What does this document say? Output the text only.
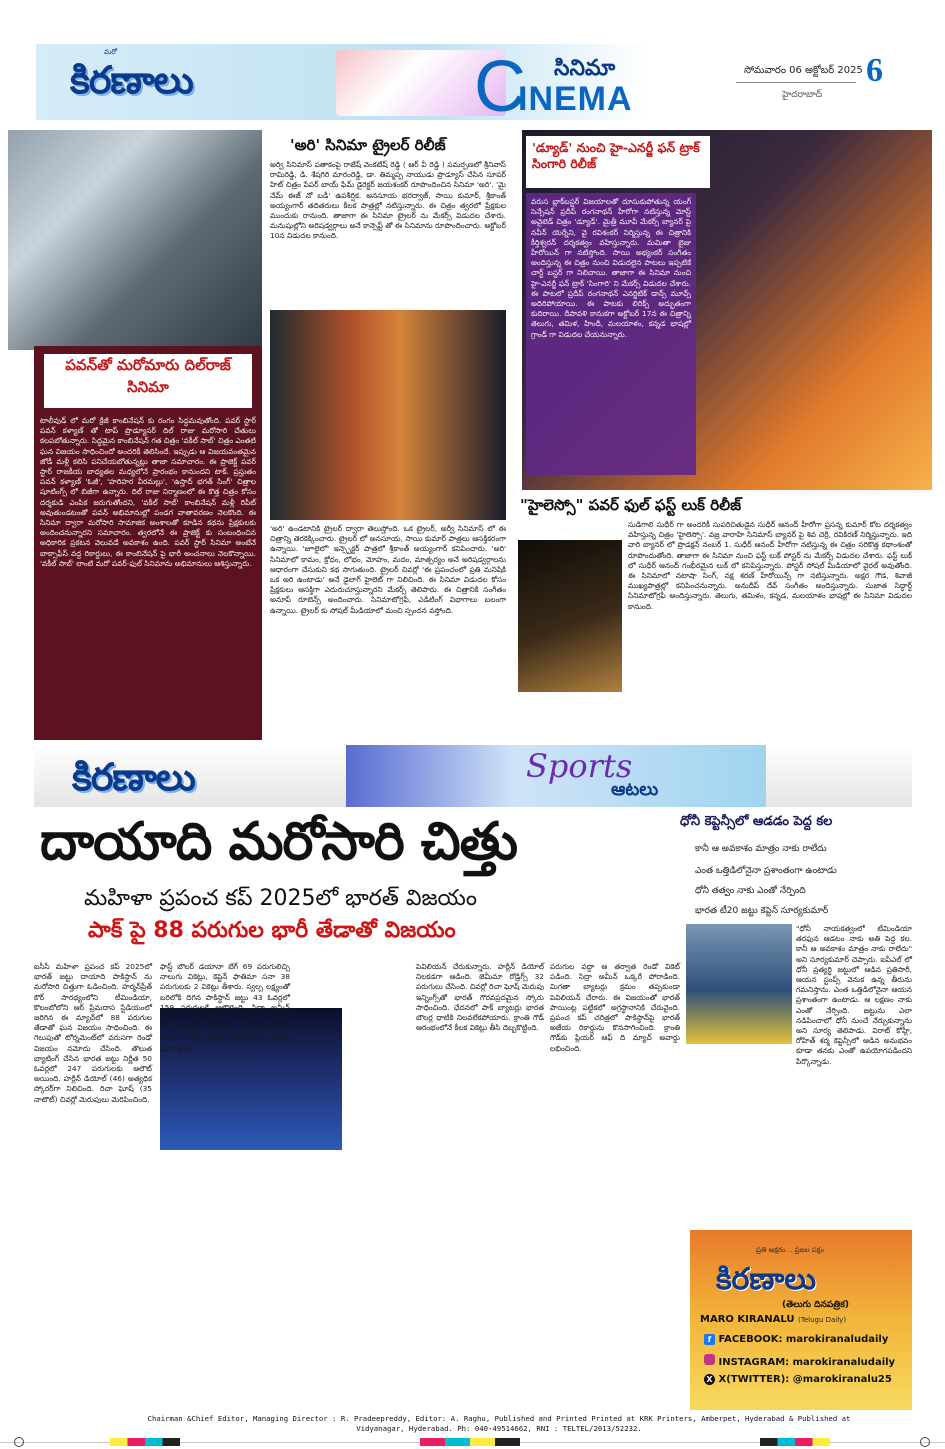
మరో
కిరణాలు	C సినిమా
INEMA
సోమవారం 06 అక్టోబర్ 2025 6
హైదరాబాద్
పవన్‌తో మరోమారు దిల్‌రాజ్ సినిమా
టాలీవుడ్ లో మరో క్రేజీ కాంబినేషన్ కు రంగం సిద్ధమవుతోంది. పవర్ స్టార్ పవన్ కళ్యాణ్ తో టాప్ ప్రొడ్యూసర్ దిల్ రాజు మరోసారి చేతులు కలపబోతున్నారు. సిద్ధమైన కాంబినేషన్ గత చిత్రం 'వకీల్ సాబ్' చిత్రం ఎంతటి ఘన విజయం సాధించిందో అందరికీ తెలిసిందే. ఇప్పుడు ఆ విజయవంతమైన జోడీ మళ్లీ కలిసి పనిచేయబోతున్నట్లు తాజా సమాచారం. ఈ ప్రాజెక్ట్ పవర్ స్టార్ రాజకీయ బాధ్యతల మధ్యలోనే ప్రారంభం కానుందని టాక్. ప్రస్తుతం పవన్ కళ్యాణ్ 'ఓజీ', 'హరిహర వీరమల్లు', 'ఉస్తాద్ భగత్ సింగ్' చిత్రాల షూటింగ్స్ లో బిజీగా ఉన్నారు. దిల్ రాజు నిర్మాణంలో ఈ కొత్త చిత్రం కోసం దర్శకుడి ఎంపిక జరుగుతోందని, 'వకీల్ సాబ్' కాంబినేషన్ మళ్లీ రిపీట్ అవుతుండటంతో పవన్ అభిమానుల్లో పండగ వాతావరణం నెలకొంది. ఈ సినిమా ద్వారా మరోసారి సామాజిక అంశాలతో కూడిన కథను ప్రేక్షకులకు అందించనున్నారని సమాచారం. త్వరలోనే ఈ ప్రాజెక్ట్ కు సంబంధించిన అధికారిక ప్రకటన వెలువడే అవకాశం ఉంది. పవర్ స్టార్ సినిమా అంటేనే బాక్సాఫీస్ వద్ద రికార్డులు, ఈ కాంబినేషన్ పై భారీ అంచనాలు నెలకొన్నాయి. 'వకీల్ సాబ్' లాంటి మరో పవర్-ఫుల్ సినిమాను అభిమానులు ఆశిస్తున్నారు.
'అరి' సినిమా ట్రైలర్ రిలీజ్
అర్వి సినిమాస్ పతాకంపై రాజేష్ వెంకటేష్ రెడ్డి ( ఆర్ వీ రెడ్డి ) సమర్పణలో శ్రీనివాస్ రామిరెడ్డి, డి. శేషగిరి మారంరెడ్డి, డా. తిమ్మప్ప నాయుడు ప్రొడ్యూస్ చేసిన సూపర్ హిట్ చిత్రం పేపర్ బాయ్ ఫేమ్ డైరెక్టర్ జయశంకర్ రూపొందించిన సినిమా 'అరి'. 'మై నేమ్ ఈజ్ నో బడీ' ఉపశీర్షిక. అనసూయ భరద్వాజ్, సాయి కుమార్, శ్రీకాంత్ అయ్యంగార్ తదితరులు కీలక పాత్రల్లో నటిస్తున్నారు. ఈ చిత్రం త్వరలో ప్రేక్షకుల ముందుకు రానుంది. తాజాగా ఈ సినిమా ట్రైలర్ ను మేకర్స్ విడుదల చేశారు. మనుషుల్లోని అరిషడ్వర్గాలు అనే కాన్సెప్ట్ తో ఈ సినిమాను రూపొందించారు. అక్టోబర్ 10న విడుదల కానుంది.
'అరి' ఉండటానికి ట్రైలర్ ద్వారా తెలుస్తోంది. ఒక ట్రైలర్, అర్వీ సినిమాస్ లో ఈ చిత్రాన్ని తెరకెక్కించారు. ట్రైలర్ లో అనసూయ, సాయి కుమార్ పాత్రలు ఆసక్తికరంగా ఉన్నాయి. 'జూలైలో' ఇన్స్పెక్టర్ పాత్రలో శ్రీకాంత్ అయ్యంగార్ కనిపించారు. 'అరి' సినిమాలో కామం, క్రోధం, లోభం, మోహం, మదం, మాత్సర్యం అనే అరిషడ్వర్గాలను ఆధారంగా చేసుకుని కథ సాగుతుంది. ట్రైలర్ చివర్లో 'ఈ ప్రపంచంలో ప్రతి మనిషికి ఒక అరి ఉంటాడు' అనే డైలాగ్ హైలెట్ గా నిలిచింది. ఈ సినిమా విడుదల కోసం ప్రేక్షకులు ఆసక్తిగా ఎదురుచూస్తున్నారని మేకర్స్ తెలిపారు. ఈ చిత్రానికి సంగీతం అనూప్ రూబెన్స్ అందించారు. సినిమాటోగ్రఫీ, ఎడిటింగ్ విభాగాలు బలంగా ఉన్నాయి. ట్రైలర్ కు సోషల్ మీడియాలో మంచి స్పందన వస్తోంది.
'డ్యూడ్' నుంచి హై-ఎనర్జీ ఫన్ ట్రాక్ సింగారి రిలీజ్
వరుస బ్లాక్‌బస్టర్ విజయాలతో దూసుకుపోతున్న యంగ్ సెన్సేషన్ ప్రదీప్ రంగనాథన్ హీరోగా నటిస్తున్న మోస్ట్ అవైటెడ్ చిత్రం 'డ్యూడ్'. మైత్రీ మూవీ మేకర్స్ బ్యానర్ పై నవీన్ యెర్నేని, వై రవిశంకర్ నిర్మిస్తున్న ఈ చిత్రానికి కీర్తిశ్వరన్ దర్శకత్వం వహిస్తున్నారు. మమితా బైజు హీరోయిన్ గా నటిస్తోంది. సాయి అభ్యంకర్ సంగీతం అందిస్తున్న ఈ చిత్రం నుంచి విడుదలైన పాటలు ఇప్పటికే చార్ట్ బస్టర్ గా నిలిచాయి. తాజాగా ఈ సినిమా నుంచి హై-ఎనర్జీ ఫన్ ట్రాక్ 'సింగారి' ని మేకర్స్ విడుదల చేశారు. ఈ పాటలో ప్రదీప్ రంగనాథన్ ఎనర్జిటిక్ డాన్స్ మూవ్స్ అదిరిపోయాయి. ఈ పాటకు లిరిక్స్ అద్భుతంగా కుదిరాయి. దీపావళి కానుకగా అక్టోబర్ 17న ఈ చిత్రాన్ని తెలుగు, తమిళ, హిందీ, మలయాళం, కన్నడ భాషల్లో గ్రాండ్ గా విడుదల చేయనున్నారు.
"హైలెస్సో" పవర్ ఫుల్ ఫస్ట్ లుక్ రిలీజ్
సుడిగాలి సుధీర్ గా అందరికీ సుపరిచితుడైన సుధీర్ ఆనంద్ హీరోగా ప్రసన్న కుమార్ కోట దర్శకత్వం వహిస్తున్న చిత్రం 'హైలెస్సో'. వజ్ర వారాహి సినిమాస్ బ్యానర్ పై శివ చెర్రీ, రవికిరణ్ నిర్మిస్తున్నారు. ఇది వారి బ్యానర్ లో ప్రొడక్షన్ నంబర్ 1. సుధీర్ ఆనంద్ హీరోగా నటిస్తున్న ఈ చిత్రం సరికొత్త కథాంశంతో రూపొందుతోంది. తాజాగా ఈ సినిమా నుంచి ఫస్ట్ లుక్ పోస్టర్ ను మేకర్స్ విడుదల చేశారు. ఫస్ట్ లుక్ లో సుధీర్ ఆనంద్ గంభీరమైన లుక్ లో కనిపిస్తున్నారు. పోస్టర్ సోషల్ మీడియాలో వైరల్ అవుతోంది. ఈ సినిమాలో నటాషా సింగ్, నక్ష శరణ్ హీరోయిన్స్ గా నటిస్తున్నారు. అక్షర గౌడ, శివాజీ ముఖ్యపాత్రల్లో కనిపించనున్నారు. అనుదీప్ దేవ్ సంగీతం అందిస్తున్నారు. సుజాత సిద్ధార్థ్ సినిమాటోగ్రఫీ అందిస్తున్నారు. తెలుగు, తమిళం, కన్నడ, మలయాళం భాషల్లో ఈ సినిమా విడుదల కానుంది.
కిరణాలు	Sports
ఆటలు
దాయాది మరోసారి చిత్తు
మహిళా ప్రపంచ కప్ 2025లో భారత్ విజయం
పాక్ పై 88 పరుగుల భారీ తేడాతో విజయం
ఐసీసీ మహిళా ప్రపంచ కప్ 2025లో భారత్ జట్టు దాయాది పాకిస్థాన్ ను మరోసారి చిత్తుగా ఓడించింది. హర్మన్‌ప్రీత్ కౌర్ సారథ్యంలోని టీమిండియా, కొలంబోలోని ఆర్ ప్రేమదాస స్టేడియంలో జరిగిన ఈ మ్యాచ్‌లో 88 పరుగుల తేడాతో ఘన విజయం సాధించింది. ఈ గెలుపుతో టోర్నమెంట్‌లో వరుసగా రెండో విజయం నమోదు చేసింది. తొలుత బ్యాటింగ్ చేసిన భారత జట్టు నిర్ణీత 50 ఓవర్లలో 247 పరుగులకు ఆలౌట్ అయింది. హర్లీన్ డియోల్ (46) అత్యధిక స్కోరర్‌గా నిలిచింది. రిచా ఘోష్ (35 నాటౌట్) చివర్లో మెరుపులు మెరిపించింది.
ఫాస్ట్ బౌలర్ డయానా బేగ్ 69 పరుగులిచ్చి నాలుగు వికెట్లు, కెప్టెన్ ఫాతిమా సనా 38 పరుగులకు 2 వికెట్లు తీశారు. స్వల్ప లక్ష్యంతో బరిలోకి దిగిన పాకిస్థాన్ జట్టు 43 ఓవర్లలో 159 పరుగులకే ఆలౌటైంది. సిద్రా అమీన్ (81) ఒంటరి పోరాటం చేసింది. భారత బౌలర్లలో క్రాంతి గౌడ్, దీప్తి శర్మ తలో మూడు వికెట్లు తీశారు. స్నేహ్ రాణా రెండు వికెట్లు పడగొట్టింది.
పెవిలియన్ చేరుకున్నారు. హర్లీన్ డియోల్ నిలకడగా ఆడింది. జెమీమా రోడ్రిగ్స్ 32 పరుగులు చేసింది. చివర్లో రిచా ఘోష్ మెరుపు ఇన్నింగ్స్‌తో భారత్ గౌరవప్రదమైన స్కోరు సాధించింది. ఛేదనలో పాక్ బ్యాటర్లు భారత బౌలర్ల ధాటికి నిలవలేకపోయారు. క్రాంతి గౌడ్ ఆరంభంలోనే కీలక వికెట్లు తీసి దెబ్బకొట్టింది.
పరుగుల వద్దా ఆ తర్వాత రెండో వికెట్ పడింది. సిద్రా అమీన్ ఒక్కరే పోరాడింది. మిగతా బ్యాటర్లు క్రమం తప్పకుండా పెవిలియన్ చేరారు. ఈ విజయంతో భారత్ పాయింట్ల పట్టికలో అగ్రస్థానానికి చేరువైంది. ప్రపంచ కప్ చరిత్రలో పాకిస్థాన్‌పై భారత్ అజేయ రికార్డును కొనసాగించింది. క్రాంతి గౌడ్‌కు ప్లేయర్ ఆఫ్ ది మ్యాచ్ అవార్డు లభించింది.
ధోనీ కెప్టెన్సీలో ఆడడం పెద్ద కల
కానీ ఆ అవకాశం మాత్రం నాకు రాలేదు
ఎంత ఒత్తిడిలోనైనా ప్రశాంతంగా ఉంటాడు
ధోనీ తత్వం నాకు ఎంతో నేర్పింది
భారత టీ20 జట్టు కెప్టెన్ సూర్యకుమార్
"ధోనీ నాయకత్వంలో టీమిండియా తరఫున ఆడటం నాకు అతి పెద్ద కల. కానీ ఆ అవకాశం మాత్రం నాకు రాలేదు" అని సూర్యకుమార్ చెప్పారు. ఐపీఎల్ లో ధోనీ ప్రత్యర్థి జట్టులో ఆడిన ప్రతిసారీ, ఆయన స్టంప్స్ వెనుక ఉన్న తీరును గమనిస్తాను. ఎంత ఒత్తిడిలోనైనా ఆయన ప్రశాంతంగా ఉంటాడు. ఆ లక్షణం నాకు ఎంతో నేర్పింది. జట్టును ఎలా నడిపించాలో ధోనీ నుంచే నేర్చుకున్నాను అని సూర్య తెలిపాడు. విరాట్ కోహ్లీ, రోహిత్ శర్మ కెప్టెన్సీలో ఆడిన అనుభవం కూడా తనకు ఎంతో ఉపయోగపడిందని పేర్కొన్నాడు.
ప్రతి అక్షరం .. ప్రజల పక్షం
కిరణాలు
(తెలుగు దినపత్రిక)
MARO KIRANALU (Telugu Daily)
f FACEBOOK: marokiranaludaily
INSTAGRAM: marokiranaludaily
X X(TWITTER): @marokiranalu25
Chairman &Chief Editor, Managing Director : R. Pradeepreddy, Editor: A. Raghu, Published and Printed Printed at KRK Printers, Amberpet, Hyderabad & Published at
Vidyanagar, Hyderabad. Ph: 040-49514662, RNI : TELTEL/2013/52232.
